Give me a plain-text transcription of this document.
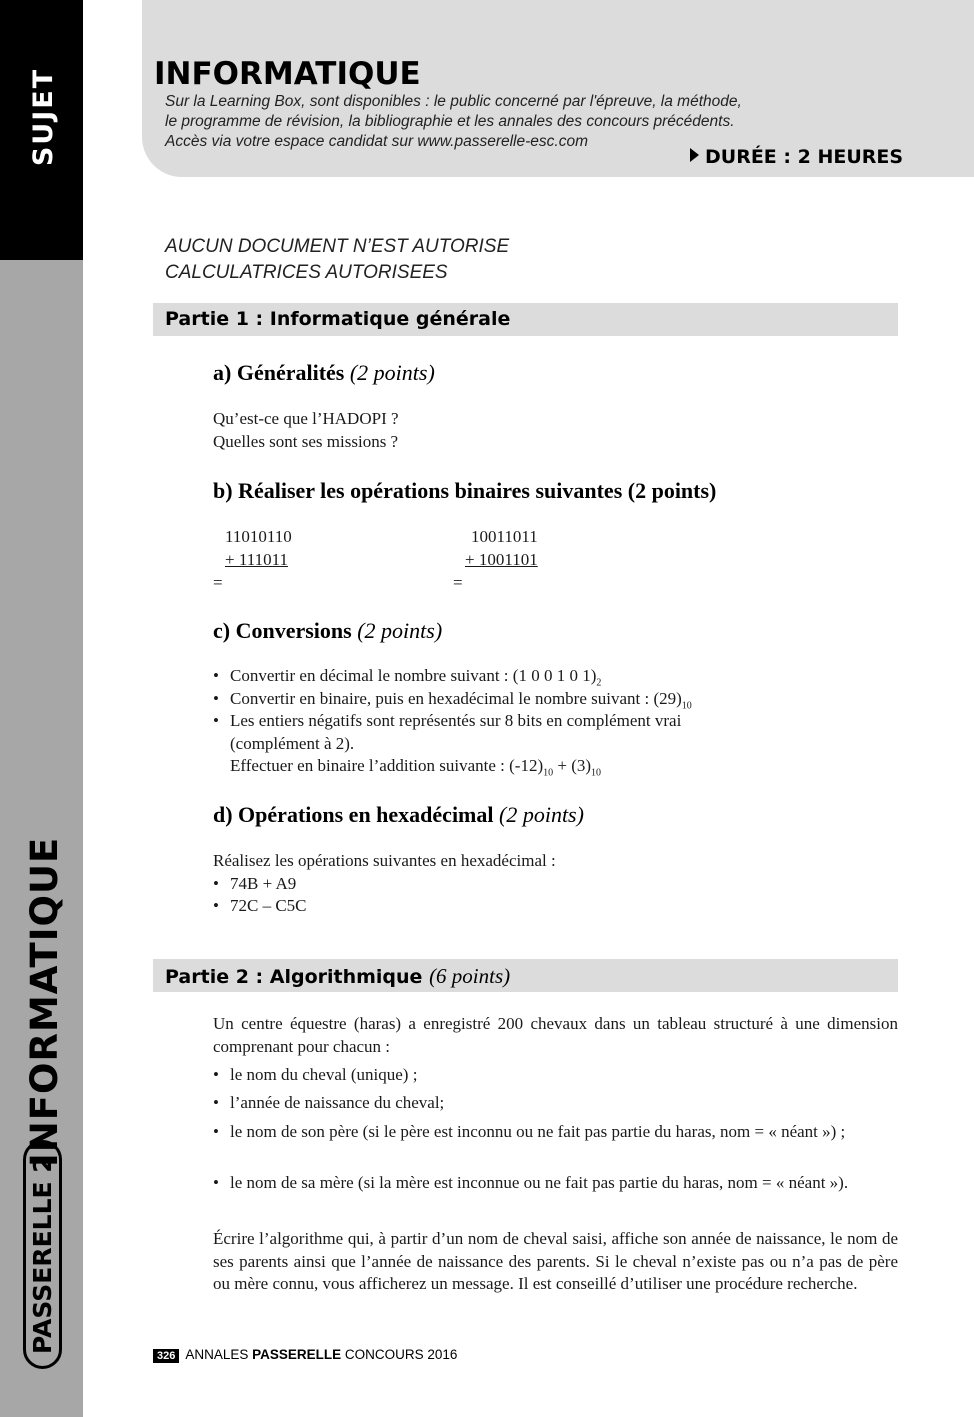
SUJET
INFORMATIQUE
PASSERELLE 2
INFORMATIQUE
Sur la Learning Box, sont disponibles : le public concerné par l'épreuve, la méthode,
le programme de révision, la bibliographie et les annales des concours précédents.
Accès via votre espace candidat sur www.passerelle-esc.com
DURÉE : 2 HEURES
AUCUN DOCUMENT N’EST AUTORISE
CALCULATRICES AUTORISEES
Partie 1 : Informatique générale
a) Généralités (2 points)
Qu’est-ce que l’HADOPI ?
Quelles sont ses missions ?
b) Réaliser les opérations binaires suivantes (2 points)
11010110
+ 111011
=
10011011
+ 1001101
=
c) Conversions (2 points)
• Convertir en décimal le nombre suivant : (1 0 0 1 0 $1)_2$
• Convertir en binaire, puis en hexadécimal le nombre suivant : $(29)_{10}$
• Les entiers négatifs sont représentés sur 8 bits en complément vrai
(complément à 2).
Effectuer en binaire l’addition suivante : $(-12)_{10} + (3)_{10}$
d) Opérations en hexadécimal (2 points)
Réalisez les opérations suivantes en hexadécimal :
• 74B + A9
• 72C – C5C
Partie 2 : Algorithmique (6 points)
Un centre équestre (haras) a enregistré 200 chevaux dans un tableau structuré à une dimension comprenant pour chacun :
• le nom du cheval (unique) ;
• l’année de naissance du cheval;
• le nom de son père (si le père est inconnu ou ne fait pas partie du haras, nom = « néant ») ;
• le nom de sa mère (si la mère est inconnue ou ne fait pas partie du haras, nom = « néant »).
Écrire l’algorithme qui, à partir d’un nom de cheval saisi, affiche son année de naissance, le nom de ses parents ainsi que l’année de naissance des parents. Si le cheval n’existe pas ou n’a pas de père ou mère connu, vous afficherez un message. Il est conseillé d’utiliser une procédure recherche.
326 ANNALES PASSERELLE CONCOURS 2016
